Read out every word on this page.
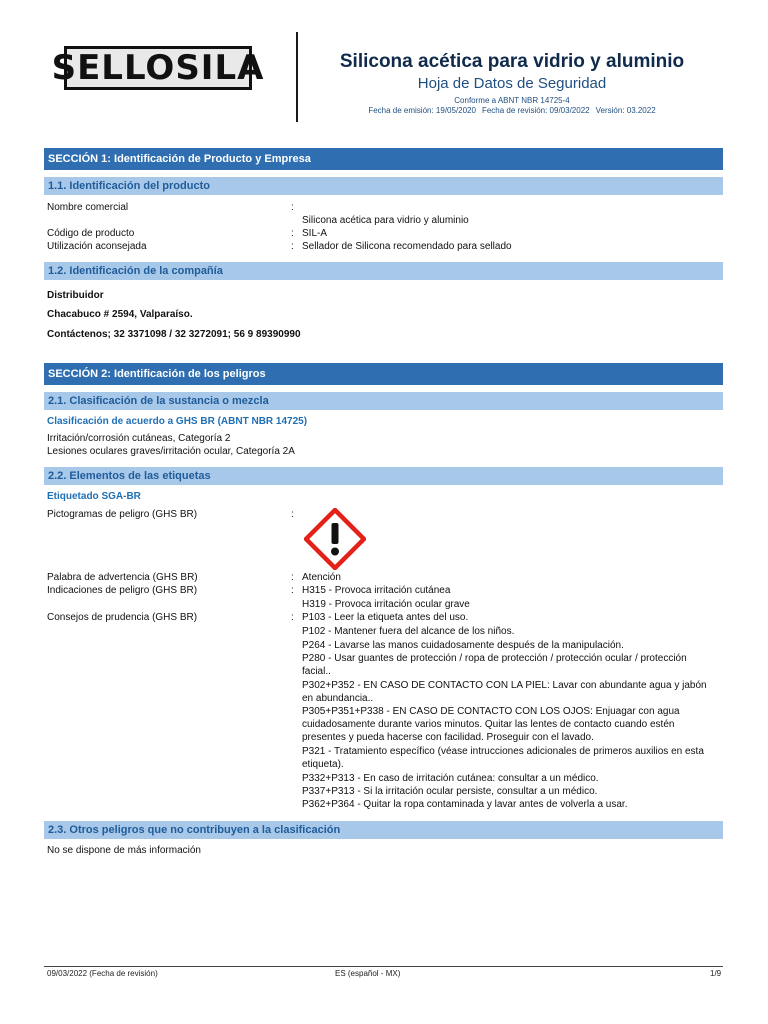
SELLOSILA	Silicona acética para vidrio y aluminio
Hoja de Datos de Seguridad
Conforme a ABNT NBR 14725-4
Fecha de emisión: 19/05/2020 Fecha de revisión: 09/03/2022 Versión: 03.2022
SECCIÓN 1: Identificación de Producto y Empresa
1.1. Identificación del producto
Nombre comercial	:
Silicona acética para vidrio y aluminio
Código de producto	: SIL-A
Utilización aconsejada	: Sellador de Silicona recomendado para sellado
1.2. Identificación de la compañía
Distribuidor
Chacabuco # 2594, Valparaíso.
Contáctenos; 32 3371098 / 32 3272091; 56 9 89390990
SECCIÓN 2: Identificación de los peligros
2.1. Clasificación de la sustancia o mezcla
Clasificación de acuerdo a GHS BR (ABNT NBR 14725)
Irritación/corrosión cutáneas, Categoría 2
Lesiones oculares graves/irritación ocular, Categoría 2A
2.2. Elementos de las etiquetas
Etiquetado SGA-BR
Pictogramas de peligro (GHS BR)	:
Palabra de advertencia (GHS BR)	: Atención
Indicaciones de peligro (GHS BR)	: H315 - Provoca irritación cutánea
H319 - Provoca irritación ocular grave
Consejos de prudencia (GHS BR)	: P103 - Leer la etiqueta antes del uso.
P102 - Mantener fuera del alcance de los niños.
P264 - Lavarse las manos cuidadosamente después de la manipulación.
P280 - Usar guantes de protección / ropa de protección / protección ocular / protección
facial..
P302+P352 - EN CASO DE CONTACTO CON LA PIEL: Lavar con abundante agua y jabón
en abundancia..
P305+P351+P338 - EN CASO DE CONTACTO CON LOS OJOS: Enjuagar con agua
cuidadosamente durante varios minutos. Quitar las lentes de contacto cuando estén
presentes y pueda hacerse con facilidad. Proseguir con el lavado.
P321 - Tratamiento específico (véase intrucciones adicionales de primeros auxilios en esta
etiqueta).
P332+P313 - En caso de irritación cutánea: consultar a un médico.
P337+P313 - Si la irritación ocular persiste, consultar a un médico.
P362+P364 - Quitar la ropa contaminada y lavar antes de volverla a usar.
2.3. Otros peligros que no contribuyen a la clasificación
No se dispone de más información
09/03/2022 (Fecha de revisión)	ES (español - MX)	1/9
